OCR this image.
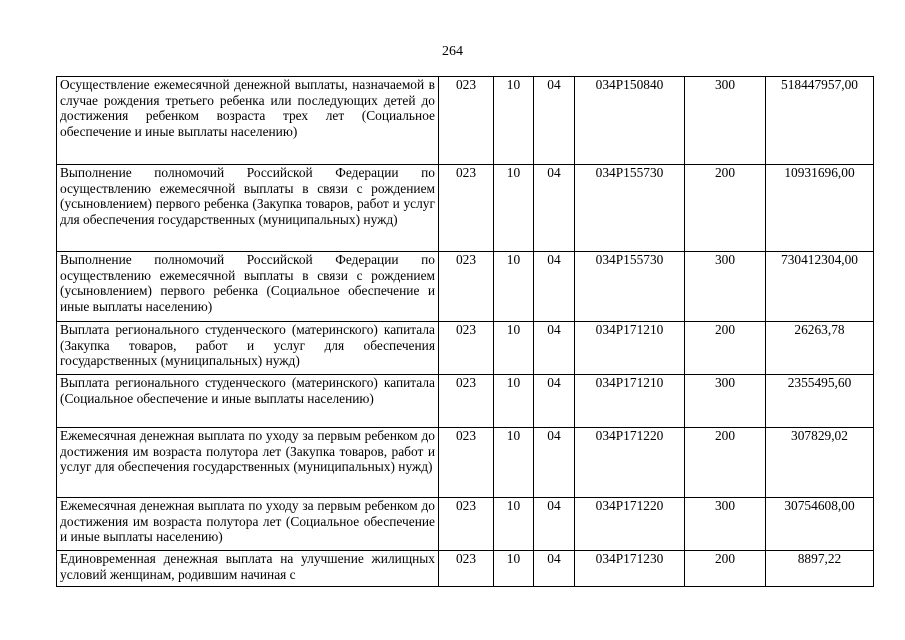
264
Осуществление ежемесячной денежной выплаты, назначаемой в случае рождения третьего ребенка или последующих детей до достижения ребенком возраста трех лет (Социальное обеспечение и иные выплаты населению)	023	10	04	034P150840	300	518447957,00
Выполнение полномочий Российской Федерации по осуществлению ежемесячной выплаты в связи с рождением (усыновлением) первого ребенка (Закупка товаров, работ и услуг для обеспечения государственных (муниципальных) нужд)	023	10	04	034P155730	200	10931696,00
Выполнение полномочий Российской Федерации по осуществлению ежемесячной выплаты в связи с рождением (усыновлением) первого ребенка (Социальное обеспечение и иные выплаты населению)	023	10	04	034P155730	300	730412304,00
Выплата регионального студенческого (материнского) капитала (Закупка товаров, работ и услуг для обеспечения государственных (муниципальных) нужд)	023	10	04	034P171210	200	26263,78
Выплата регионального студенческого (материнского) капитала (Социальное обеспечение и иные выплаты населению)	023	10	04	034P171210	300	2355495,60
Ежемесячная денежная выплата по уходу за первым ребенком до достижения им возраста полутора лет (Закупка товаров, работ и услуг для обеспечения государственных (муниципальных) нужд)	023	10	04	034P171220	200	307829,02
Ежемесячная денежная выплата по уходу за первым ребенком до достижения им возраста полутора лет (Социальное обеспечение и иные выплаты населению)	023	10	04	034P171220	300	30754608,00
Единовременная денежная выплата на улучшение жилищных условий женщинам, родившим начиная с	023	10	04	034P171230	200	8897,22
